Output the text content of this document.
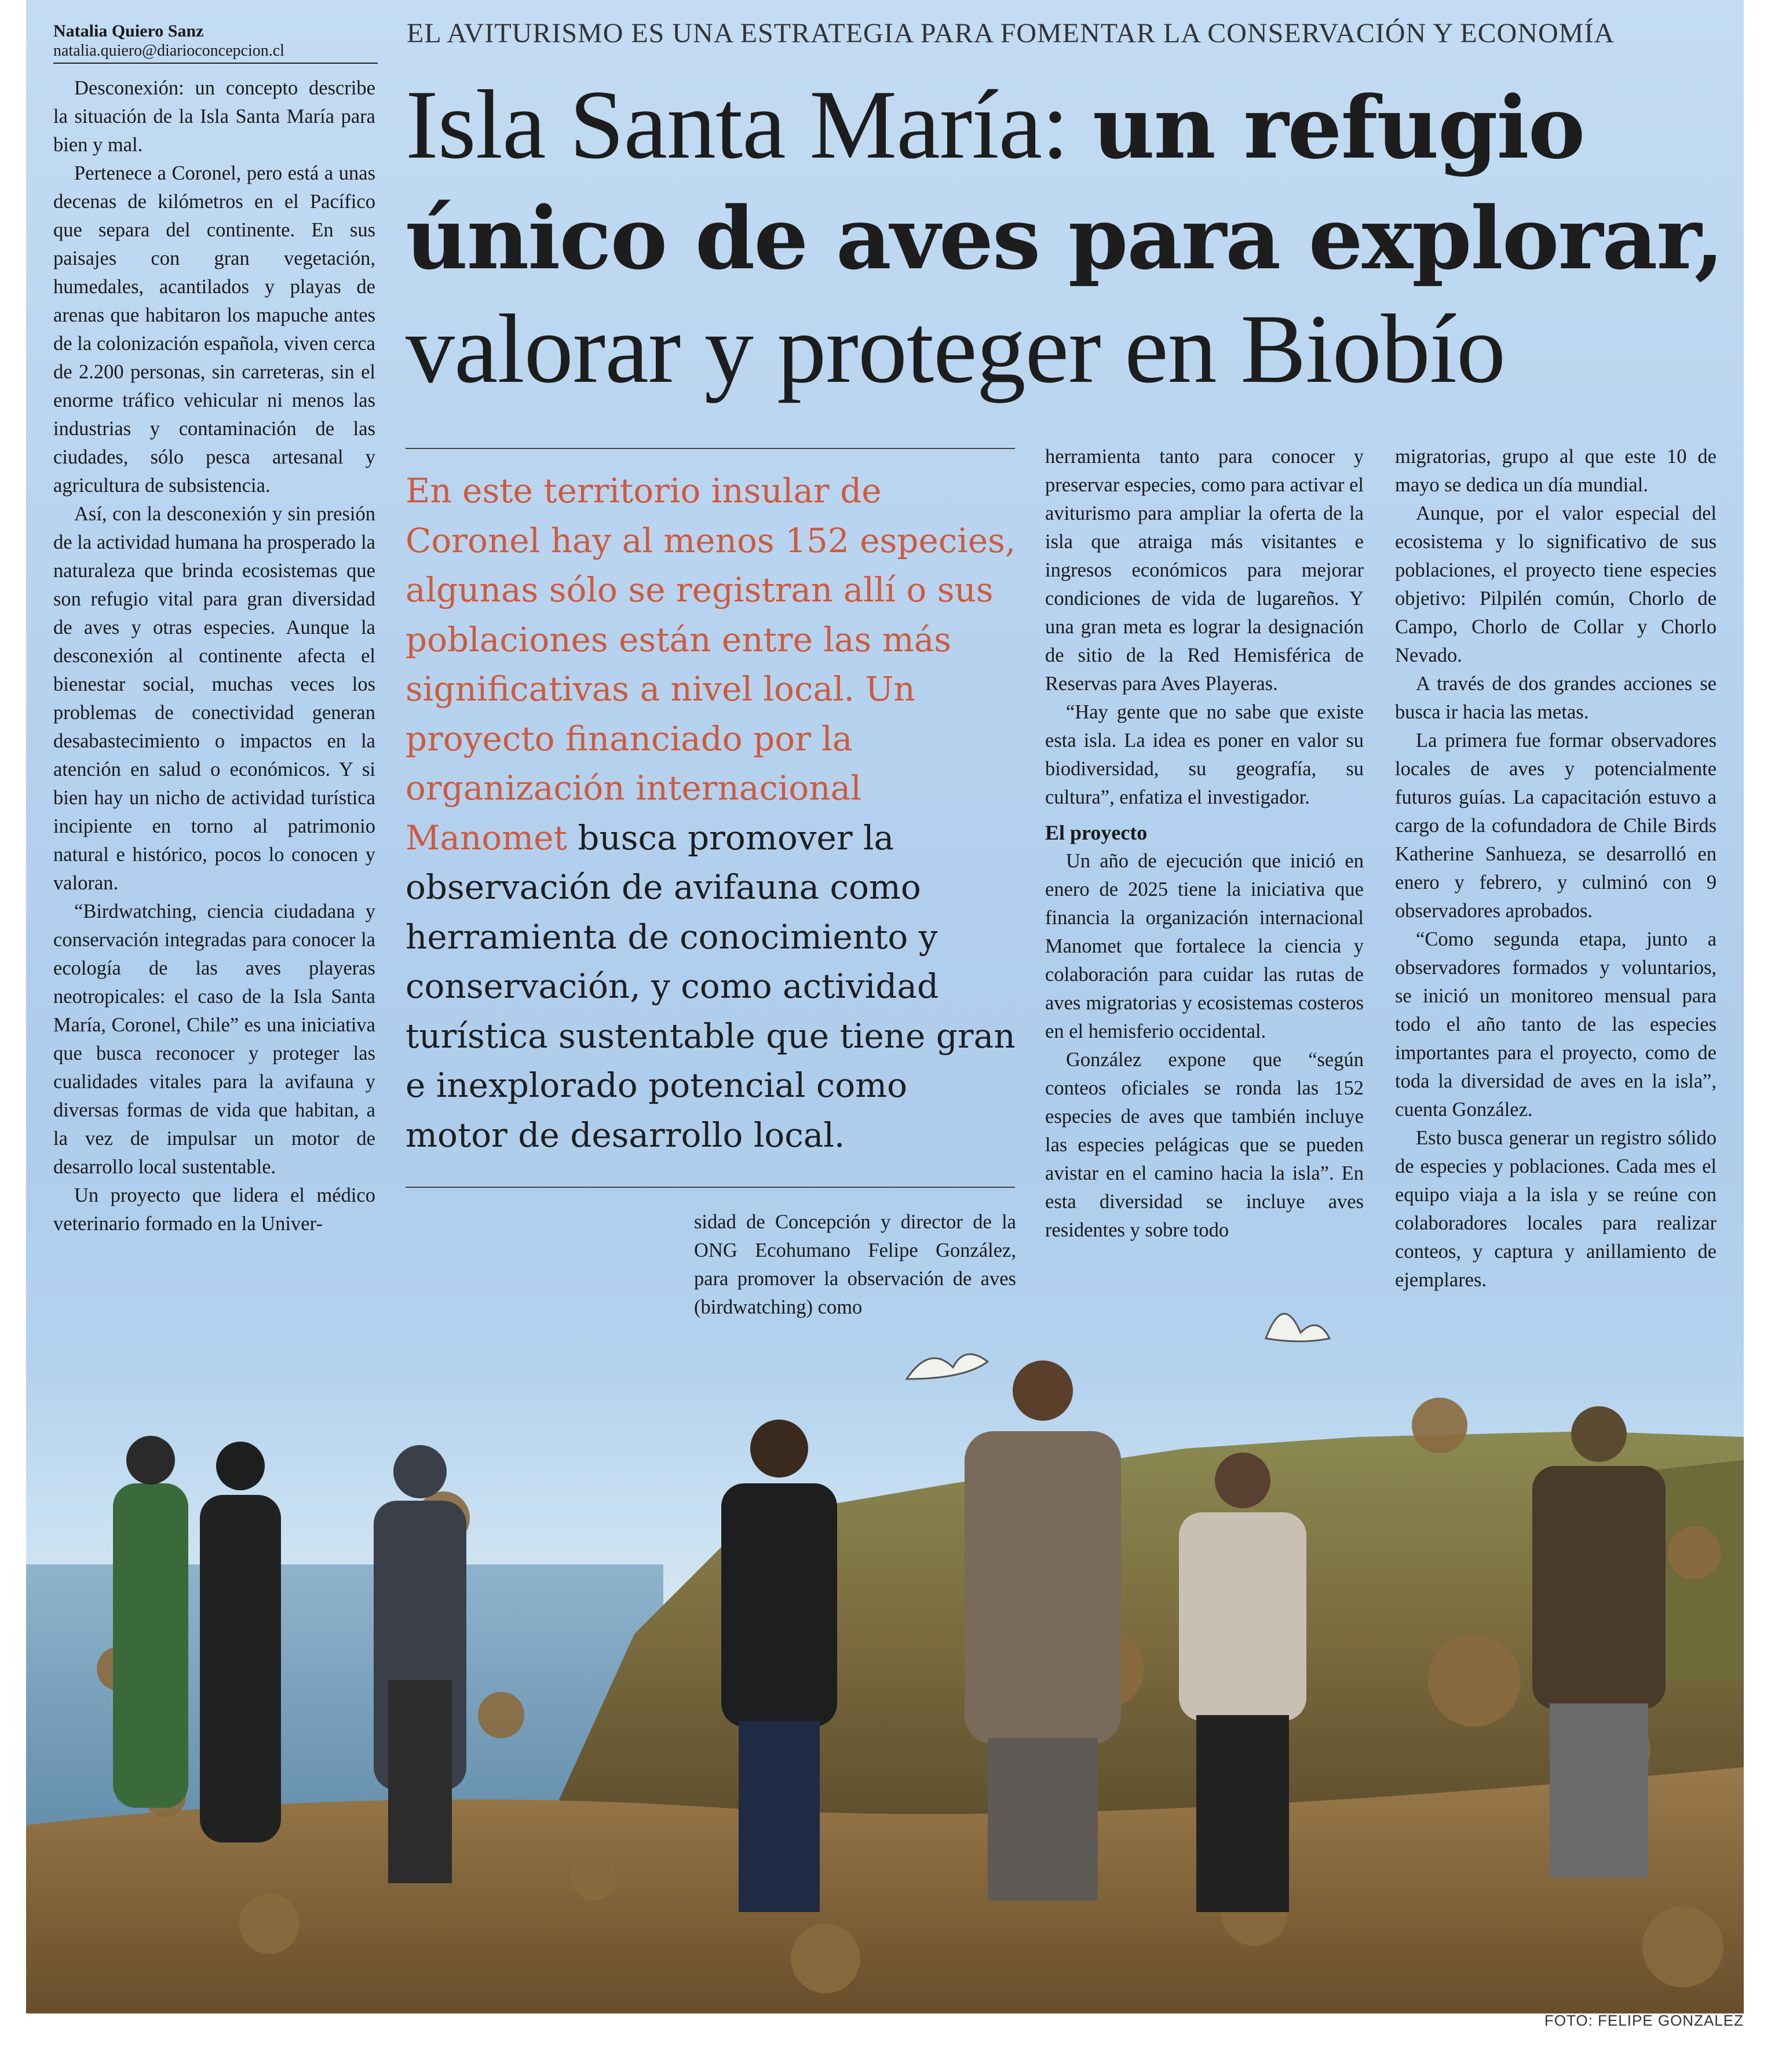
Natalia Quiero Sanz
natalia.quiero@diarioconcepcion.cl
EL AVITURISMO ES UNA ESTRATEGIA PARA FOMENTAR LA CONSERVACIÓN Y ECONOMÍA
Isla Santa María: un refugio único de aves para explorar, valorar y proteger en Biobío

Desconexión: un concepto describe la situación de la Isla Santa María para bien y mal.

Pertenece a Coronel, pero está a unas decenas de kilómetros en el Pacífico que separa del continente. En sus paisajes con gran vegetación, humedales, acantilados y playas de arenas que habitaron los mapuche antes de la colonización española, viven cerca de 2.200 personas, sin carreteras, sin el enorme tráfico vehicular ni menos las industrias y contaminación de las ciudades, sólo pesca artesanal y agricultura de subsistencia.

Así, con la desconexión y sin presión de la actividad humana ha prosperado la naturaleza que brinda ecosistemas que son refugio vital para gran diversidad de aves y otras especies. Aunque la desconexión al continente afecta el bienestar social, muchas veces los problemas de conectividad generan desabastecimiento o impactos en la atención en salud o económicos. Y si bien hay un nicho de actividad turística incipiente en torno al patrimonio natural e histórico, pocos lo conocen y valoran.

“Birdwatching, ciencia ciudadana y conservación integradas para conocer la ecología de las aves playeras neotropicales: el caso de la Isla Santa María, Coronel, Chile” es una iniciativa que busca reconocer y proteger las cualidades vitales para la avifauna y diversas formas de vida que habitan, a la vez de impulsar un motor de desarrollo local sustentable.

Un proyecto que lidera el médico veterinario formado en la Univer-

En este territorio insular de Coronel hay al menos 152 especies, algunas sólo se registran allí o sus poblaciones están entre las más significativas a nivel local. Un proyecto financiado por la organización internacional Manomet busca promover la observación de avifauna como herramienta de conocimiento y conservación, y como actividad turística sustentable que tiene gran e inexplorado potencial como motor de desarrollo local.

sidad de Concepción y director de la ONG Ecohumano Felipe González, para promover la observación de aves (birdwatching) como

herramienta tanto para conocer y preservar especies, como para activar el aviturismo para ampliar la oferta de la isla que atraiga más visitantes e ingresos económicos para mejorar condiciones de vida de lugareños. Y una gran meta es lograr la designación de sitio de la Red Hemisférica de Reservas para Aves Playeras.

“Hay gente que no sabe que existe esta isla. La idea es poner en valor su biodiversidad, su geografía, su cultura”, enfatiza el investigador.

El proyecto

Un año de ejecución que inició en enero de 2025 tiene la iniciativa que financia la organización internacional Manomet que fortalece la ciencia y colaboración para cuidar las rutas de aves migratorias y ecosistemas costeros en el hemisferio occidental.

González expone que “según conteos oficiales se ronda las 152 especies de aves que también incluye las especies pelágicas que se pueden avistar en el camino hacia la isla”. En esta diversidad se incluye aves residentes y sobre todo

migratorias, grupo al que este 10 de mayo se dedica un día mundial.

Aunque, por el valor especial del ecosistema y lo significativo de sus poblaciones, el proyecto tiene especies objetivo: Pilpilén común, Chorlo de Campo, Chorlo de Collar y Chorlo Nevado.

A través de dos grandes acciones se busca ir hacia las metas.

La primera fue formar observadores locales de aves y potencialmente futuros guías. La capacitación estuvo a cargo de la cofundadora de Chile Birds Katherine Sanhueza, se desarrolló en enero y febrero, y culminó con 9 observadores aprobados.

“Como segunda etapa, junto a observadores formados y voluntarios, se inició un monitoreo mensual para todo el año tanto de las especies importantes para el proyecto, como de toda la diversidad de aves en la isla”, cuenta González.

Esto busca generar un registro sólido de especies y poblaciones. Cada mes el equipo viaja a la isla y se reúne con colaboradores locales para realizar conteos, y captura y anillamiento de ejemplares.

FOTO: FELIPE GONZALEZ
